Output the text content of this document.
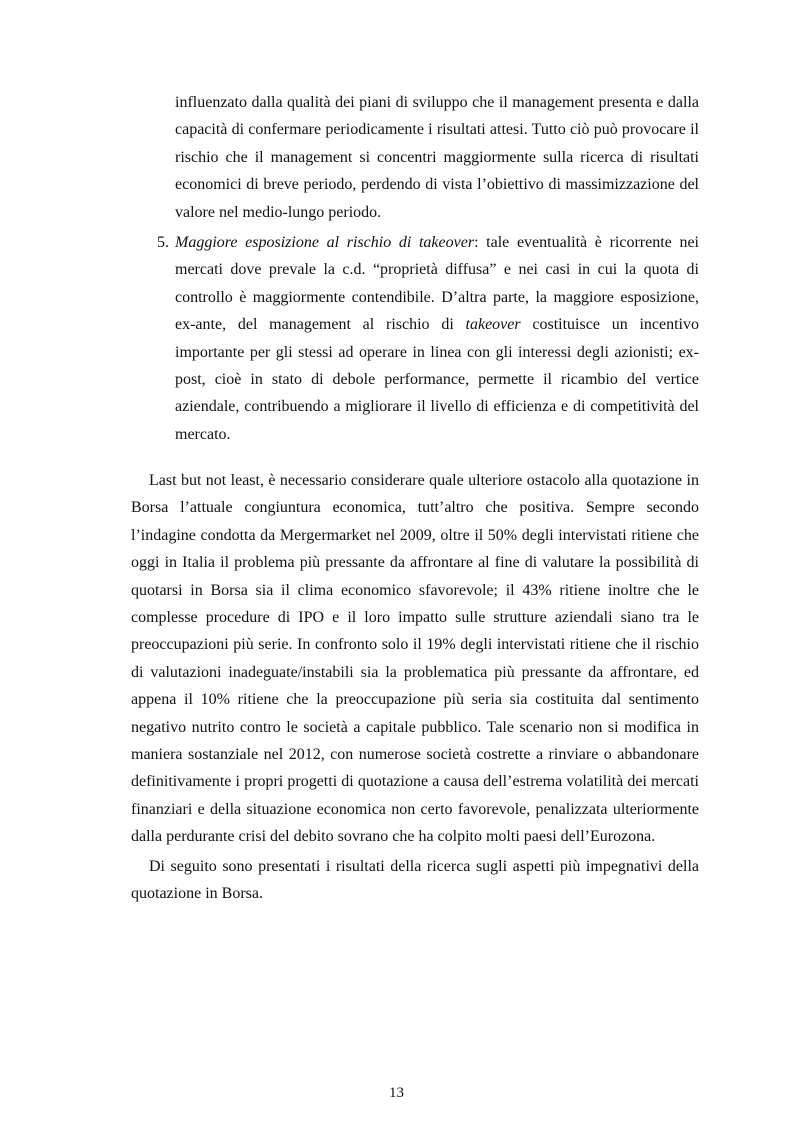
influenzato dalla qualità dei piani di sviluppo che il management presenta e dalla capacità di confermare periodicamente i risultati attesi. Tutto ciò può provocare il rischio che il management si concentri maggiormente sulla ricerca di risultati economici di breve periodo, perdendo di vista l’obiettivo di massimizzazione del valore nel medio-lungo periodo.
5. Maggiore esposizione al rischio di takeover: tale eventualità è ricorrente nei mercati dove prevale la c.d. “proprietà diffusa” e nei casi in cui la quota di controllo è maggiormente contendibile. D’altra parte, la maggiore esposizione, ex-ante, del management al rischio di takeover costituisce un incentivo importante per gli stessi ad operare in linea con gli interessi degli azionisti; ex-post, cioè in stato di debole performance, permette il ricambio del vertice aziendale, contribuendo a migliorare il livello di efficienza e di competitività del mercato.
Last but not least, è necessario considerare quale ulteriore ostacolo alla quotazione in Borsa l’attuale congiuntura economica, tutt’altro che positiva. Sempre secondo l’indagine condotta da Mergermarket nel 2009, oltre il 50% degli intervistati ritiene che oggi in Italia il problema più pressante da affrontare al fine di valutare la possibilità di quotarsi in Borsa sia il clima economico sfavorevole; il 43% ritiene inoltre che le complesse procedure di IPO e il loro impatto sulle strutture aziendali siano tra le preoccupazioni più serie. In confronto solo il 19% degli intervistati ritiene che il rischio di valutazioni inadeguate/instabili sia la problematica più pressante da affrontare, ed appena il 10% ritiene che la preoccupazione più seria sia costituita dal sentimento negativo nutrito contro le società a capitale pubblico. Tale scenario non si modifica in maniera sostanziale nel 2012, con numerose società costrette a rinviare o abbandonare definitivamente i propri progetti di quotazione a causa dell’estrema volatilità dei mercati finanziari e della situazione economica non certo favorevole, penalizzata ulteriormente dalla perdurante crisi del debito sovrano che ha colpito molti paesi dell’Eurozona.
Di seguito sono presentati i risultati della ricerca sugli aspetti più impegnativi della quotazione in Borsa.
13
